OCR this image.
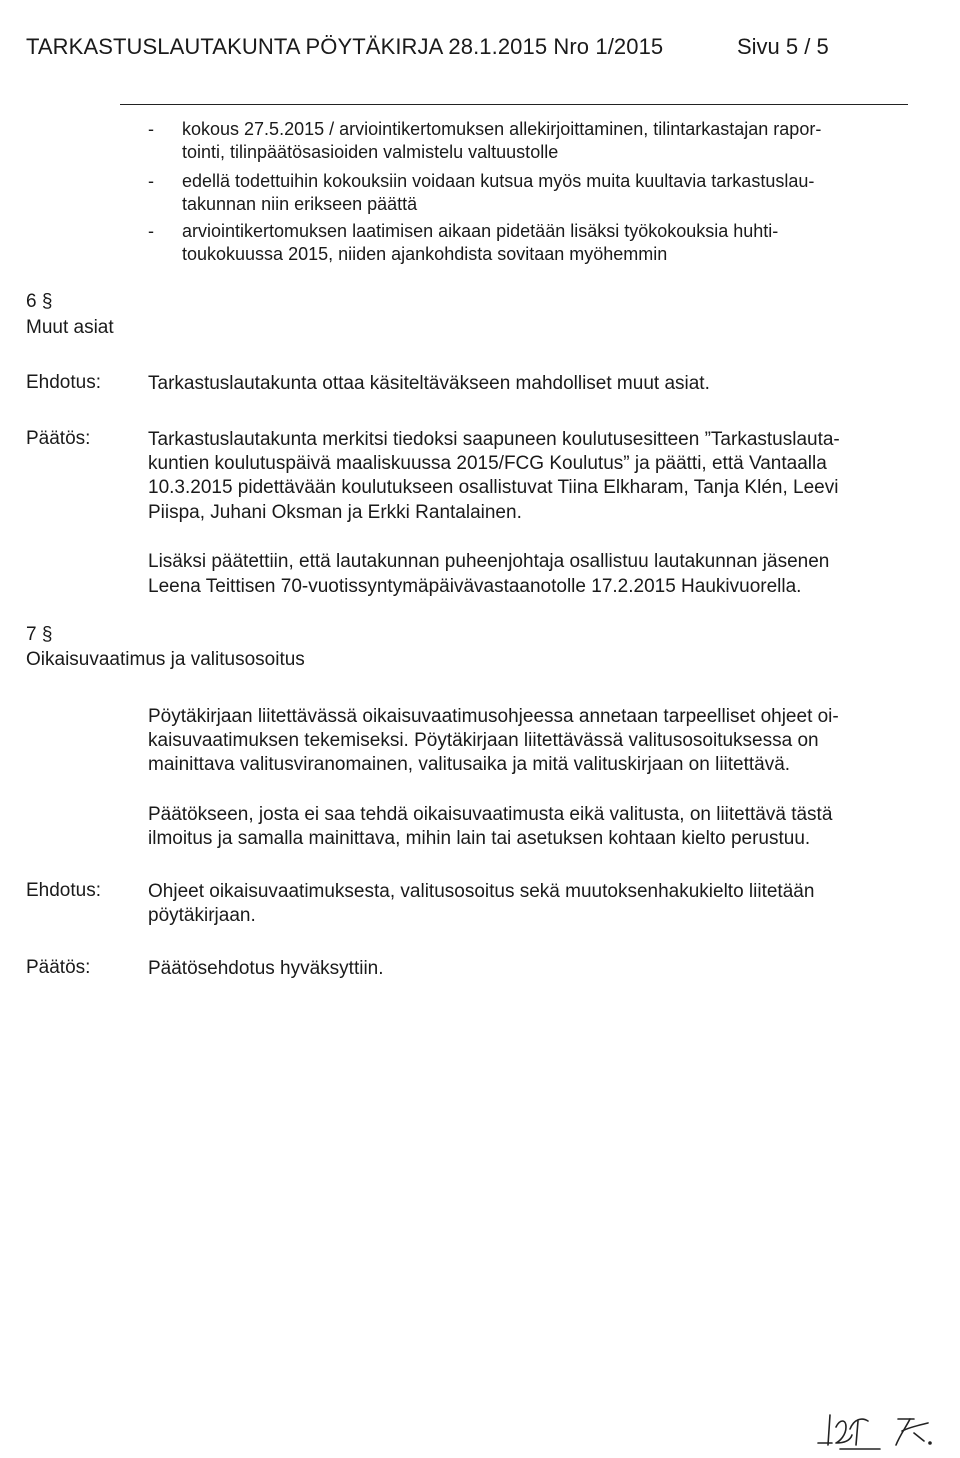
TARKASTUSLAUTAKUNTA PÖYTÄKIRJA 28.1.2015 Nro 1/2015	Sivu 5 / 5
- kokous 27.5.2015 / arviointikertomuksen allekirjoittaminen, tilintarkastajan rapor-
tointi, tilinpäätösasioiden valmistelu valtuustolle
- edellä todettuihin kokouksiin voidaan kutsua myös muita kuultavia tarkastuslau-
takunnan niin erikseen päättä
- arviointikertomuksen laatimisen aikaan pidetään lisäksi työkokouksia huhti-
toukokuussa 2015, niiden ajankohdista sovitaan myöhemmin
6 §
Muut asiat
Ehdotus: Tarkastuslautakunta ottaa käsiteltäväkseen mahdolliset muut asiat.
Päätös:	Tarkastuslautakunta merkitsi tiedoksi saapuneen koulutusesitteen ”Tarkastuslauta-
kuntien koulutuspäivä maaliskuussa 2015/FCG Koulutus” ja päätti, että Vantaalla
10.3.2015 pidettävään koulutukseen osallistuvat Tiina Elkharam, Tanja Klén, Leevi
Piispa, Juhani Oksman ja Erkki Rantalainen.
Lisäksi päätettiin, että lautakunnan puheenjohtaja osallistuu lautakunnan jäsenen
Leena Teittisen 70-vuotissyntymäpäivävastaanotolle 17.2.2015 Haukivuorella.
7 §
Oikaisuvaatimus ja valitusosoitus
Pöytäkirjaan liitettävässä oikaisuvaatimusohjeessa annetaan tarpeelliset ohjeet oi-
kaisuvaatimuksen tekemiseksi. Pöytäkirjaan liitettävässä valitusosoituksessa on
mainittava valitusviranomainen, valitusaika ja mitä valituskirjaan on liitettävä.
Päätökseen, josta ei saa tehdä oikaisuvaatimusta eikä valitusta, on liitettävä tästä
ilmoitus ja samalla mainittava, mihin lain tai asetuksen kohtaan kielto perustuu.
Ehdotus: Ohjeet oikaisuvaatimuksesta, valitusosoitus sekä muutoksenhakukielto liitetään
pöytäkirjaan.
Päätös:	Päätösehdotus hyväksyttiin.
